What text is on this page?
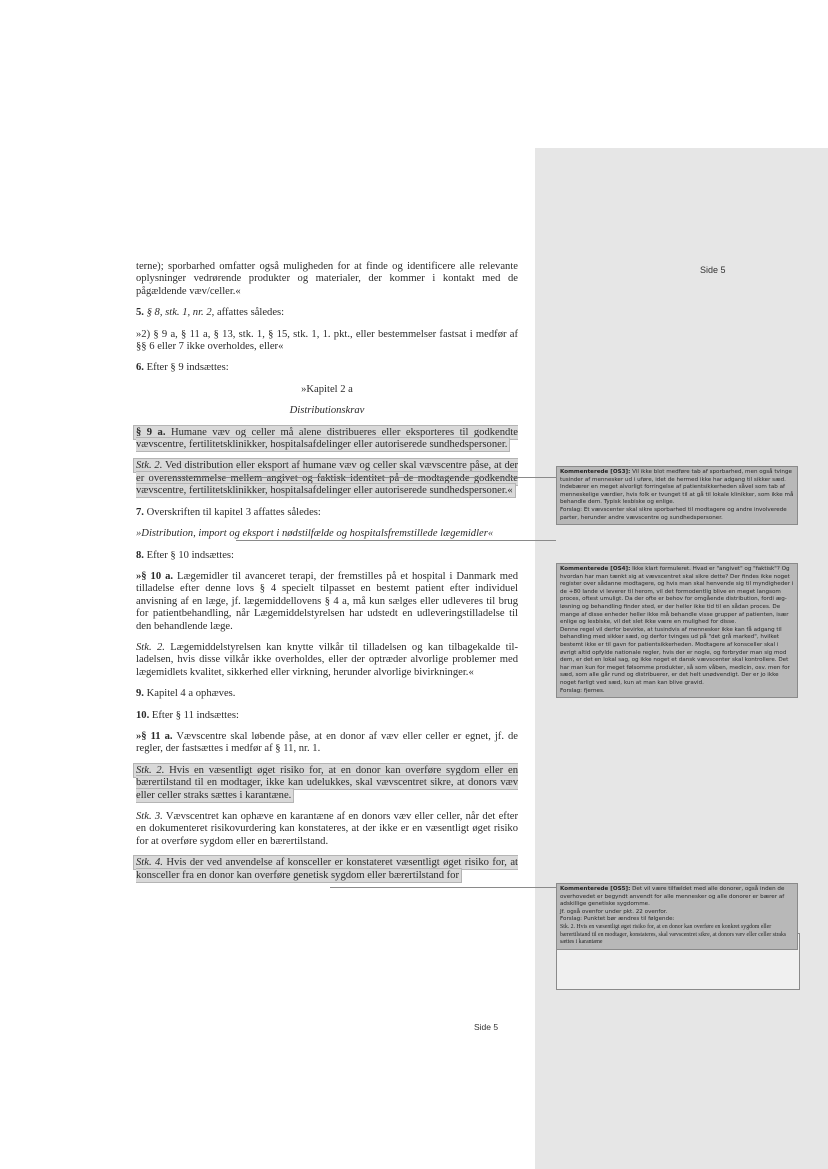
Side 5

terne); sporbarhed omfatter også muligheden for at finde og identificere alle relevante oplysninger vedrørende produkter og materialer, der kommer i kontakt med de pågældende væv/celler.«

5. § 8, stk. 1, nr. 2, affattes således:

»2) § 9 a, § 11 a, § 13, stk. 1, § 15, stk. 1, 1. pkt., eller bestemmelser fastsat i medfør af §§ 6 eller 7 ikke overholdes, eller«

6. Efter § 9 indsættes:

»Kapitel 2 a

Distributionskrav

§ 9 a. Humane væv og celler må alene distribueres eller eksporteres til godkendte vævscentre, fertilitetsklinikker, hospitalsafdelinger eller autoriserede sundhedspersoner.

Stk. 2. Ved distribution eller eksport af humane væv og celler skal vævscentre påse, at der er overensstemmelse mellem angivet og faktisk identitet på de modtagende godkendte vævscentre, fertilitetsklinikker, hospitalsafdelinger eller autoriserede sundhedspersoner.«

7. Overskriften til kapitel 3 affattes således:

»Distribution, import og eksport i nødstilfælde og hospitalsfremstillede lægemidler«

8. Efter § 10 indsættes:

»§ 10 a. Lægemidler til avanceret terapi, der fremstilles på et hospital i Danmark med tilladelse efter denne lovs § 4 specielt tilpasset en bestemt patient efter individuel anvisning af en læge, jf. lægemiddellovens § 4 a, må kun sælges eller udleveres til brug for patientbehandling, når Lægemiddelstyrelsen har udstedt en udleveringstilladelse til den behandlende læge.

Stk. 2. Lægemiddelstyrelsen kan knytte vilkår til tilladelsen og kan tilbagekalde tilladelsen, hvis disse vilkår ikke overholdes, eller der optræder alvorlige problemer med lægemidlets kvalitet, sikkerhed eller virkning, herunder alvorlige bivirkninger.«

9. Kapitel 4 a ophæves.

10. Efter § 11 indsættes:

»§ 11 a. Vævscentre skal løbende påse, at en donor af væv eller celler er egnet, jf. de regler, der fastsættes i medfør af § 11, nr. 1.

Stk. 2. Hvis en væsentligt øget risiko for, at en donor kan overføre sygdom eller en bærertilstand til en modtager, ikke kan udelukkes, skal vævscentret sikre, at donors væv eller celler straks sættes i karantæne.

Stk. 3. Vævscentret kan ophæve en karantæne af en donors væv eller celler, når det efter en dokumenteret risikovurdering kan konstateres, at der ikke er en væsentligt øget risiko for at overføre sygdom eller en bærertilstand.

Stk. 4. Hvis der ved anvendelse af konsceller er konstateret væsentligt øget risiko for, at konsceller fra en donor kan overføre genetisk sygdom eller bærertilstand for

Side 5
Kommenterede [OS3]: Vil ikke blot medføre tab af sporbarhed, men også tvinge tusinder af mennesker ud i uføre, idet de hermed ikke har adgang til sikker sæd. Indebærer en meget alvorligt forringelse af patientsikkerheden såvel som tab af menneskelige værdier, hvis folk er tvunget til at gå til lokale klinikker, som ikke må behandle dem. Typisk lesbiske og enlige.
Forslag: Et vævscenter skal sikre sporbarhed til modtagere og andre involverede parter, herunder andre vævscentre og sundhedspersoner.
Kommenterede [OS4]: Ikke klart formuleret. Hvad er "angivet" og "faktisk"? Og hvordan har man tænkt sig at vævscentret skal sikre dette? Der findes ikke noget register over sådanne modtagere, og hvis man skal henvende sig til myndigheder i de +80 lande vi leverer til herom, vil det formodentlig blive en meget langsom proces, oftest umuligt. Da der ofte er behov for omgående distribution, fordi ægløsning og behandling finder sted, er der heller ikke tid til en sådan proces. De mange af disse enheder heller ikke må behandle visse grupper af patienten, især enlige og lesbiske, vil det slet ikke være en mulighed for disse.
Denne regel vil derfor bevirke, at tusindvis af mennesker ikke kan få adgang til behandling med sikker sæd, og derfor tvinges ud på "det grå marked", hvilket bestemt ikke er til gavn for patientsikkerheden. Modtagere af konsceller skal i øvrigt altid opfylde nationale regler, hvis der er nogle, og forbryder man sig mod dem, er det en lokal sag, og ikke noget et dansk vævscenter skal kontrollere. Det har man kun for meget følsomme produkter, så som våben, medicin, osv. men for sæd, som alle går rund og distribuerer, er det helt unødvendigt. Der er jo ikke noget farligt ved sæd, kun at man kan blive gravid.
Forslag: fjernes.
Kommenterede [OS5]: Det vil være tilfældet med alle donorer, også inden de overhovedet er begyndt anvendt for alle mennesker og alle donorer er bærer af adskillige genetiske sygdomme.
Jf. også ovenfor under pkt. 22 ovenfor.
Forslag: Punktet bør ændres til følgende:
Stk. 2. Hvis en væsentligt øget risiko for, at en donor kan overføre en konkret sygdom eller bærertilstand til en modtager, konstateres, skal vævscentret sikre, at donors væv eller celler straks sættes i karantæne
